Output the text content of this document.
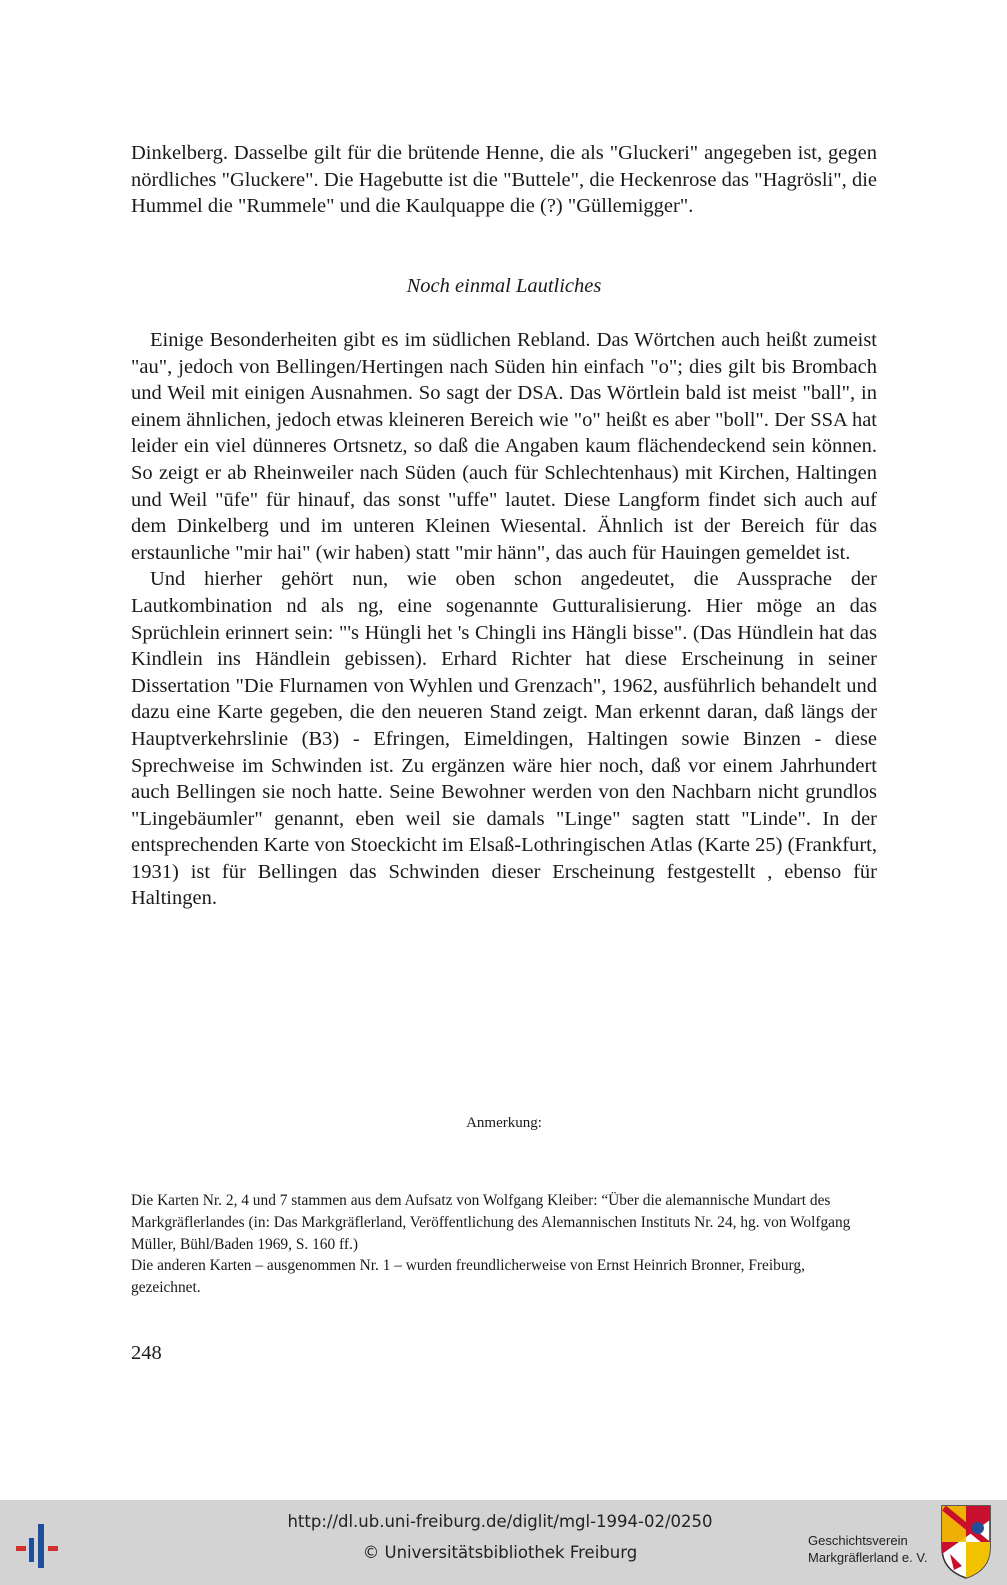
Dinkelberg. Dasselbe gilt für die brütende Henne, die als "Gluckeri" angegeben ist, gegen nördliches "Gluckere". Die Hagebutte ist die "Buttele", die Heckenrose das "Hagrösli", die Hummel die "Rummele" und die Kaulquappe die (?) "Güllemigger".

Noch einmal Lautliches

Einige Besonderheiten gibt es im südlichen Rebland. Das Wörtchen auch heißt zumeist "au", jedoch von Bellingen/Hertingen nach Süden hin einfach "o"; dies gilt bis Brombach und Weil mit einigen Ausnahmen. So sagt der DSA. Das Wörtlein bald ist meist "ball", in einem ähnlichen, jedoch etwas kleineren Bereich wie "o" heißt es aber "boll". Der SSA hat leider ein viel dünneres Ortsnetz, so daß die Angaben kaum flächendeckend sein können. So zeigt er ab Rheinweiler nach Süden (auch für Schlechtenhaus) mit Kirchen, Haltingen und Weil "ūfe" für hinauf, das sonst "uffe" lautet. Diese Langform findet sich auch auf dem Dinkelberg und im unteren Kleinen Wiesental. Ähnlich ist der Bereich für das erstaunliche "mir hai" (wir haben) statt "mir hänn", das auch für Hauingen gemeldet ist.

Und hierher gehört nun, wie oben schon angedeutet, die Aussprache der Lautkombination nd als ng, eine sogenannte Gutturalisierung. Hier möge an das Sprüchlein erinnert sein: "'s Hüngli het 's Chingli ins Hängli bisse". (Das Hündlein hat das Kindlein ins Händlein gebissen). Erhard Richter hat diese Erscheinung in seiner Dissertation "Die Flurnamen von Wyhlen und Grenzach", 1962, ausführlich behandelt und dazu eine Karte gegeben, die den neueren Stand zeigt. Man erkennt daran, daß längs der Hauptverkehrslinie (B3) - Efringen, Eimeldingen, Haltingen sowie Binzen - diese Sprechweise im Schwinden ist. Zu ergänzen wäre hier noch, daß vor einem Jahrhundert auch Bellingen sie noch hatte. Seine Bewohner werden von den Nachbarn nicht grundlos "Lingebäumler" genannt, eben weil sie damals "Linge" sagten statt "Linde". In der entsprechenden Karte von Stoeckicht im Elsaß-Lothringischen Atlas (Karte 25) (Frankfurt, 1931) ist für Bellingen das Schwinden dieser Erscheinung festgestellt , ebenso für Haltingen.

Anmerkung:

Die Karten Nr. 2, 4 und 7 stammen aus dem Aufsatz von Wolfgang Kleiber: “Über die alemannische Mundart des Markgräflerlandes (in: Das Markgräflerland, Veröffentlichung des Alemannischen Instituts Nr. 24, hg. von Wolfgang Müller, Bühl/Baden 1969, S. 160 ff.)

Die anderen Karten – ausgenommen Nr. 1 – wurden freundlicherweise von Ernst Heinrich Bronner, Freiburg, gezeichnet.

248

http://dl.ub.uni-freiburg.de/diglit/mgl-1994-02/0250
© Universitätsbibliothek Freiburg
Geschichtsverein
Markgräflerland e. V.
